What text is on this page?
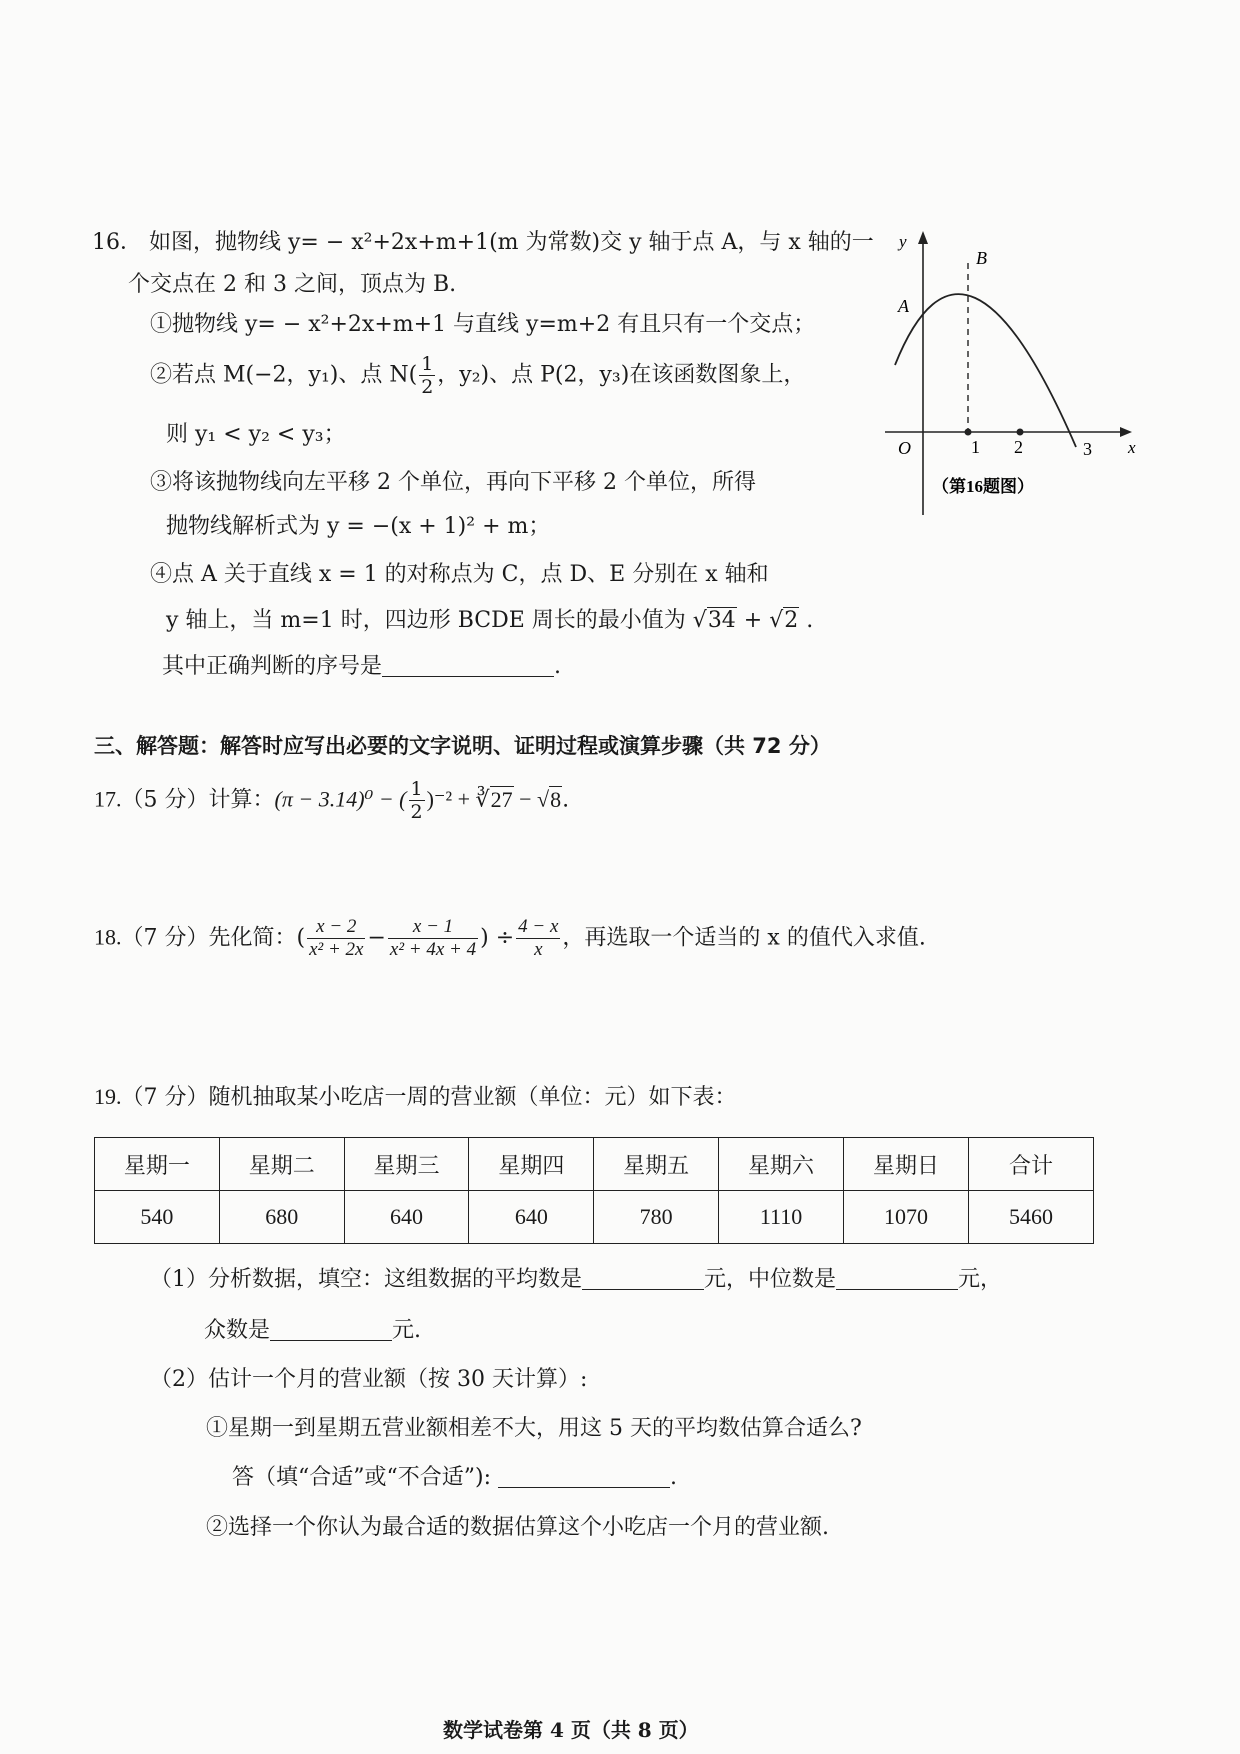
16． 如图，抛物线 y= − x²+2x+m+1(m 为常数)交 y 轴于点 A，与 x 轴的一
个交点在 2 和 3 之间，顶点为 B.
①抛物线 y= − x²+2x+m+1 与直线 y=m+2 有且只有一个交点；
②若点 M(−2，y₁)、点 $N( \frac{1}{2}$ ，y₂)、点 P(2，y₃)在该函数图象上，
则 y₁ < y₂ < y₃；
③将该抛物线向左平移 2 个单位，再向下平移 2 个单位，所得
抛物线解析式为 y = −(x + 1)² + m；
④点 A 关于直线 x = 1 的对称点为 C，点 D、E 分别在 x 轴和
y 轴上，当 m=1 时，四边形 BCDE 周长的最小值为 √34 + √2 .
其中正确判断的序号是	.
y
x
O
A
B
1 2	3
（第16题图）
三、解答题：解答时应写出必要的文字说明、证明过程或演算步骤（共 72 分）
17.（5 分）计算：(π − 3.14)⁰ − ( $\frac{1}{2} )^{-2}$ + ∛27 − √8.
18.（7 分）先化简：( $\frac{x - 2}{\text{x² + 2x}} - \frac{x - 1}{\text{x² + 4x + 4}}$ ) ÷ $\frac{4 - x}{x}$ ，再选取一个适当的 x 的值代入求值.
19.（7 分）随机抽取某小吃店一周的营业额（单位：元）如下表：
星期一	星期二	星期三	星期四	星期五	星期六	星期日	合计
540	680	640	640	780	1110	1070	5460
（1）分析数据，填空：这组数据的平均数是	元，中位数是	元，
众数是	元.
（2）估计一个月的营业额（按 30 天计算）:
①星期一到星期五营业额相差不大，用这 5 天的平均数估算合适么?
答（填“合适”或“不合适”):	.
②选择一个你认为最合适的数据估算这个小吃店一个月的营业额.
数学试卷第 4 页（共 8 页）
